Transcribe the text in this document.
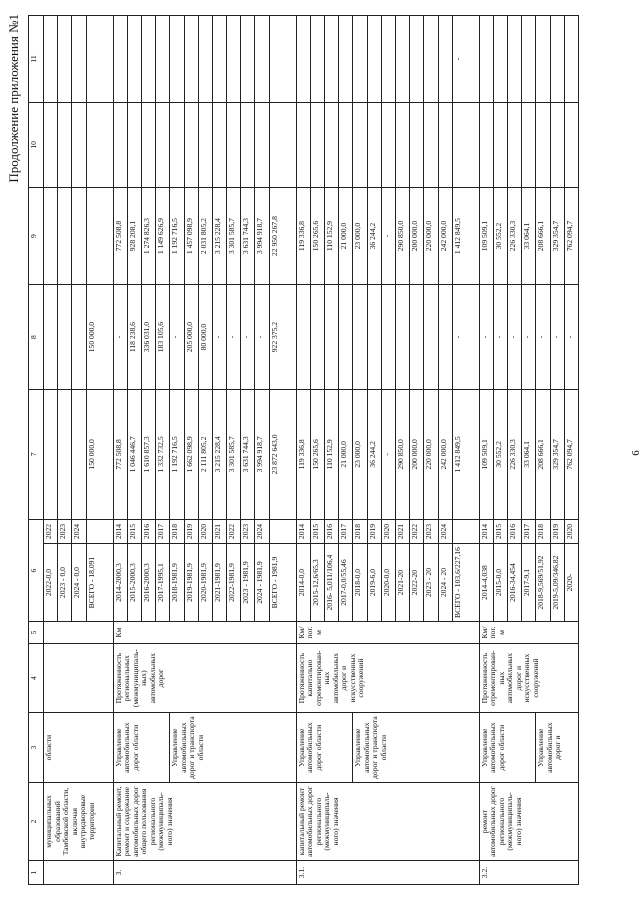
Продолжение приложения №1
1	2	3	4	5	6		7	8	9	10	11
	муниципальных образований Тамбовской области, включая внутридворовые территории	области			2022-0,0	2022					
					2023 - 0,0	2023					
					2024 - 0,0	2024					
					ВСЕГО - 18,091		150 000,0	150 000,0			
3.	Капитальный ремонт, ремонт и содержание автомобильных дорог общего пользования регионального (межмуниципаль-ного) значения	Управление автомобильных дорог области	Протяженность региональных (межмуниципаль-ных) автомобильных дорог	Км	2014-2000,3	2014	772 508,8	-	772 508,8		
					2015-2000,3	2015	1 046 446,7	118 238,6	928 208,1		
					2016-2000,3	2016	1 610 857,3	336 031,0	1 274 826,3		
					2017-1995,1	2017	1 332 732,5	183 105,6	1 149 626,9		
		Управление автомобильных дорог и транспорта области			2018-1981,9	2018	1 192 716,5	-	1 192 716,5		
					2019-1981,9	2019	1 662 098,9	205 000,0	1 457 098,9		
					2020-1981,9	2020	2 111 805,2	80 000,0	2 031 805,2		
					2021-1981,9	2021	3 215 228,4	-	3 215 228,4		
					2022-1981,9	2022	3 301 585,7	-	3 301 585,7		
					2023 - 1981,9	2023	3 631 744,3	-	3 631 744,3		
					2024 - 1981,9	2024	3 994 918,7	-	3 994 918,7		
					ВСЕГО - 1981,9		23 872 643,0	922 375,2	22 950 267,8		
3.1.	капитальный ремонт автомобильных дорог регионального (межмуниципаль-ного) значения	Управление автомобильных дорог области	Протяженность капитально отремонтирован-ных автомобильных дорог и искусственных сооружений	Км/ пог.м	2014-0,0	2014	119 336,8		119 336,8		
					2015-12,6/65,3	2015	150 265,6		150 265,6		
					2016- 5,011/106,4	2016	110 152,9		110 152,9		
					2017-0,0/55,46	2017	21 000,0		21 000,0		
		Управление автомобильных дорог и транспорта области			2018-0,0	2018	23 000,0		23 000,0		
					2019-6,0	2019	36 244,2		36 244,2		
					2020-0,0	2020	-		-		
					2021-20	2021	290 850,0		290 850,0		
					2022-20	2022	200 000,0		200 000,0		
					2023 - 20	2023	220 000,0		220 000,0		
					2024 - 20	2024	242 000,0		242 000,0		
					ВСЕГО - 103,6/227,16		1 412 849,5	-	1 412 849,5		-
3.2.	ремонт автомобильных дорог регионального (межмуниципаль-ного) значения	Управление автомобильных дорог области	Протяженность отремонтирован-ных автомобильных дорог и искусственных сооружений	Км/ пог.м	2014-4,038	2014	109 509,1	-	109 509,1		
					2015-0,0	2015	30 552,2	-	30 552,2		
					2016-34,454	2016	226 330,3	-	226 330,3		
					2017-9,1	2017	33 064,1	-	33 064,1		
		Управление автомобильных дорог и			2018-9,569/51,92	2018	208 666,1	-	208 666,1		
					2019-5,09/346,82	2019	329 354,7	-	329 354,7		
					2020-	2020	762 094,7	-	762 094,7		
6
